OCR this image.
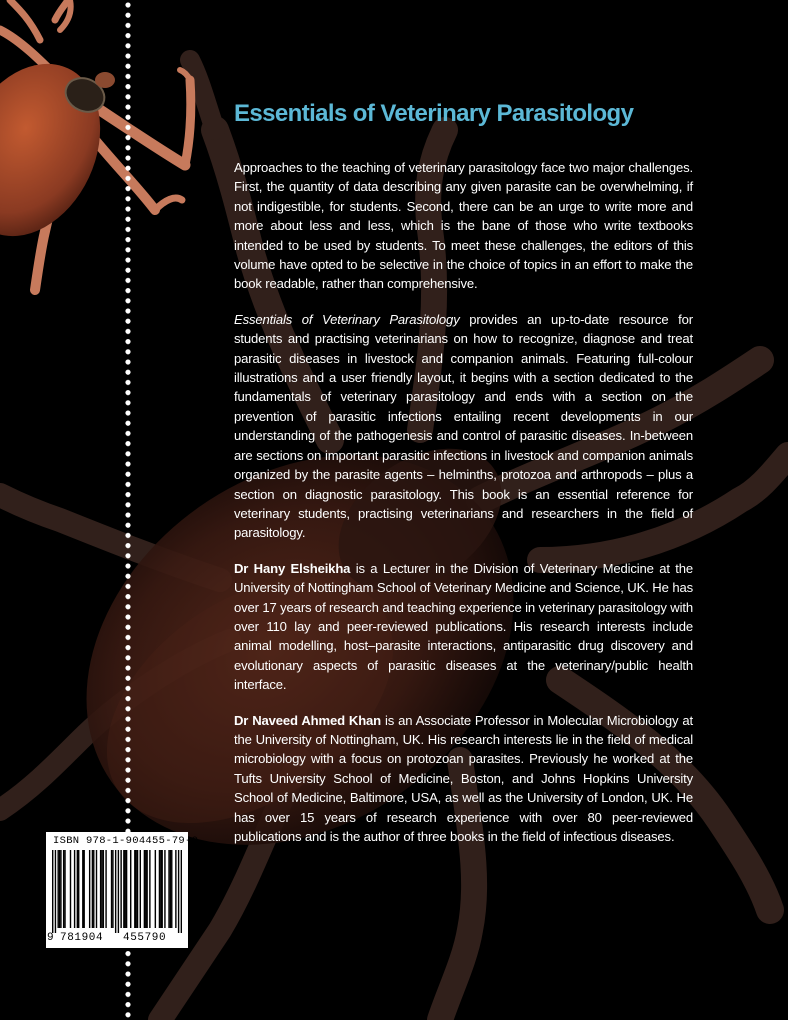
Essentials of Veterinary Parasitology

Approaches to the teaching of veterinary parasitology face two major challenges. First, the quantity of data describing any given parasite can be overwhelming, if not indigestible, for students. Second, there can be an urge to write more and more about less and less, which is the bane of those who write textbooks intended to be used by students. To meet these challenges, the editors of this volume have opted to be selective in the choice of topics in an effort to make the book readable, rather than comprehensive.

Essentials of Veterinary Parasitology provides an up-to-date resource for students and practising veterinarians on how to recognize, diagnose and treat parasitic diseases in livestock and companion animals. Featuring full-colour illustrations and a user friendly layout, it begins with a section dedicated to the fundamentals of veterinary parasitology and ends with a section on the prevention of parasitic infections entailing recent developments in our understanding of the pathogenesis and control of parasitic diseases. In-between are sections on important parasitic infections in livestock and companion animals organized by the parasite agents – helminths, protozoa and arthropods – plus a section on diagnostic parasitology. This book is an essential reference for veterinary students, practising veterinarians and researchers in the field of parasitology.

Dr Hany Elsheikha is a Lecturer in the Division of Veterinary Medicine at the University of Nottingham School of Veterinary Medicine and Science, UK. He has over 17 years of research and teaching experience in veterinary parasitology with over 110 lay and peer-reviewed publications. His research interests include animal modelling, host–parasite interactions, antiparasitic drug discovery and evolutionary aspects of parasitic diseases at the veterinary/public health interface.

Dr Naveed Ahmed Khan is an Associate Professor in Molecular Microbiology at the University of Nottingham, UK. His research interests lie in the field of medical microbiology with a focus on protozoan parasites. Previously he worked at the Tufts University School of Medicine, Boston, and Johns Hopkins University School of Medicine, Baltimore, USA, as well as the University of London, UK. He has over 15 years of research experience with over 80 peer-reviewed publications and is the author of three books in the field of infectious diseases.

ISBN 978-1-904455-79-0
9 781904 455790
